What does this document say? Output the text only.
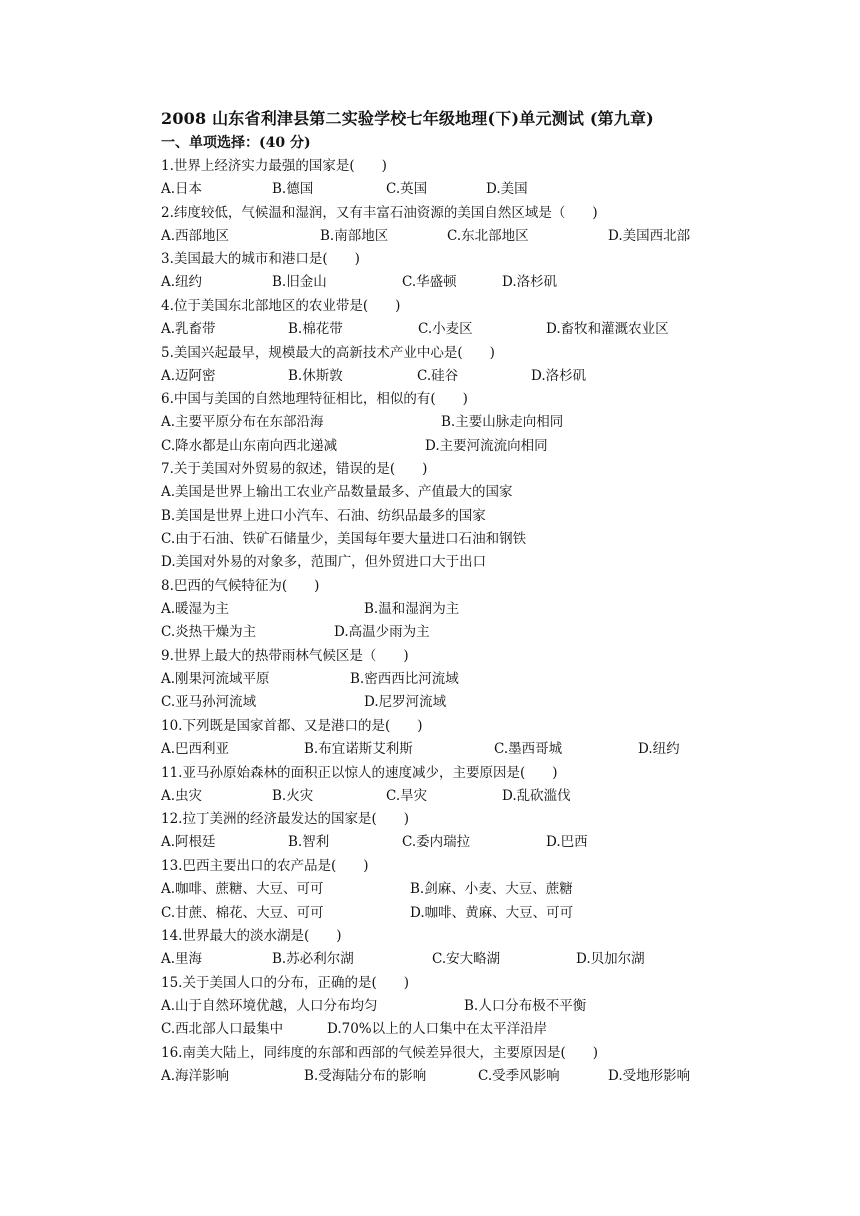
2008 山东省利津县第二实验学校七年级地理(下)单元测试 (第九章)
一、单项选择：(40 分)
1.世界上经济实力最强的国家是(　　)
A.日本	B.德国	C.英国	D.美国
2.纬度较低，气候温和湿润，又有丰富石油资源的美国自然区域是（　　)
A.西部地区	B.南部地区	C.东北部地区	D.美国西北部
3.美国最大的城市和港口是(　　)
A.纽约	B.旧金山	C.华盛顿	D.洛杉矶
4.位于美国东北部地区的农业带是(　　)
A.乳畜带	B.棉花带	C.小麦区	D.畜牧和灌溉农业区
5.美国兴起最早，规模最大的高新技术产业中心是(　　)
A.迈阿密	B.休斯敦	C.硅谷	D.洛杉矶
6.中国与美国的自然地理特征相比，相似的有(　　)
A.主要平原分布在东部沿海	B.主要山脉走向相同
C.降水都是山东南向西北递减	D.主要河流流向相同
7.关于美国对外贸易的叙述，错误的是(　　)
A.美国是世界上输出工农业产品数量最多、产值最大的国家
B.美国是世界上进口小汽车、石油、纺织品最多的国家
C.由于石油、铁矿石储量少，美国每年要大量进口石油和钢铁
D.美国对外易的对象多，范围广，但外贸进口大于出口
8.巴西的气候特征为(　　)
A.暖湿为主	B.温和湿润为主
C.炎热干燥为主	D.高温少雨为主
9.世界上最大的热带雨林气候区是（　　)
A.刚果河流域平原	B.密西西比河流域
C.亚马孙河流域	D.尼罗河流域
10.下列既是国家首都、又是港口的是(　　)
A.巴西利亚	B.布宜诺斯艾利斯	C.墨西哥城	D.纽约
11.亚马孙原始森林的面积正以惊人的速度减少，主要原因是(　　)
A.虫灾	B.火灾	C.旱灾	D.乱砍滥伐
12.拉丁美洲的经济最发达的国家是(　　)
A.阿根廷	B.智利	C.委内瑞拉	D.巴西
13.巴西主要出口的农产品是(　　)
A.咖啡、蔗糖、大豆、可可	B.剑麻、小麦、大豆、蔗糖
C.甘蔗、棉花、大豆、可可	D.咖啡、黄麻、大豆、可可
14.世界最大的淡水湖是(　　)
A.里海	B.苏必利尔湖	C.安大略湖	D.贝加尔湖
15.关于美国人口的分布，正确的是(　　)
A.山于自然环境优越，人口分布均匀	B.人口分布极不平衡
C.西北部人口最集中	D.70%以上的人口集中在太平洋沿岸
16.南美大陆上，同纬度的东部和西部的气候差异很大，主要原因是(　　)
A.海洋影响	B.受海陆分布的影响	C.受季风影响	D.受地形影响
